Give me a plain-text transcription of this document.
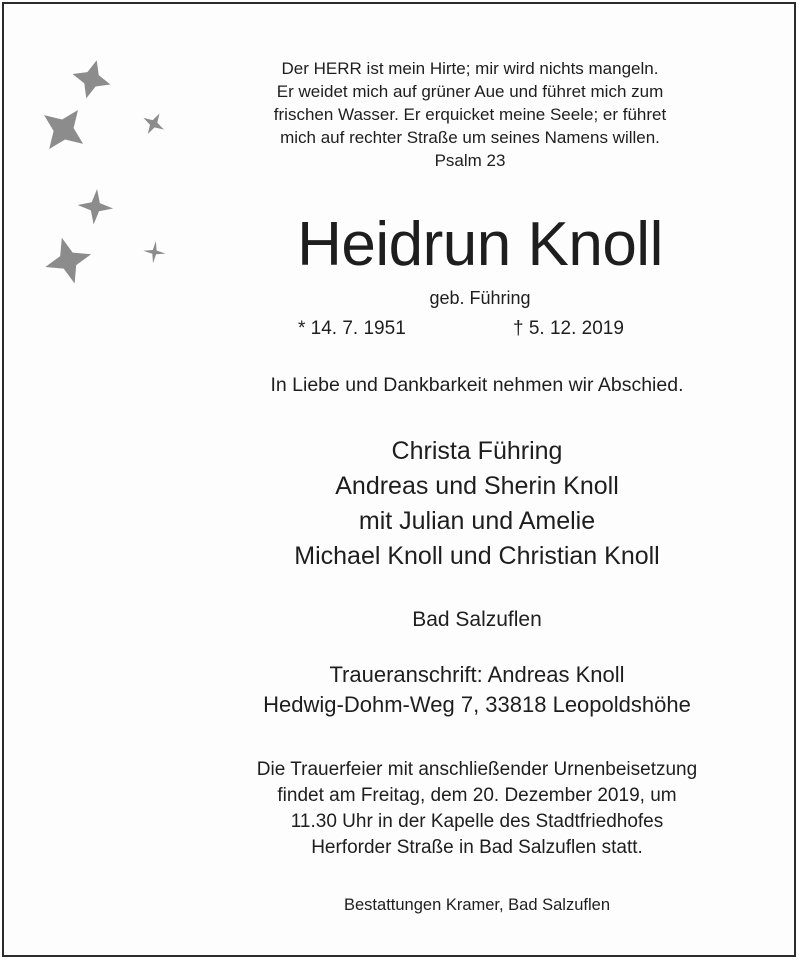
Der HERR ist mein Hirte; mir wird nichts mangeln.
Er weidet mich auf grüner Aue und führet mich zum
frischen Wasser. Er erquicket meine Seele; er führet
mich auf rechter Straße um seines Namens willen.
Psalm 23
Heidrun Knoll
geb. Führing
* 14. 7. 1951	† 5. 12. 2019
In Liebe und Dankbarkeit nehmen wir Abschied.
Christa Führing
Andreas und Sherin Knoll
mit Julian und Amelie
Michael Knoll und Christian Knoll
Bad Salzuflen
Traueranschrift: Andreas Knoll
Hedwig-Dohm-Weg 7, 33818 Leopoldshöhe
Die Trauerfeier mit anschließender Urnenbeisetzung
findet am Freitag, dem 20. Dezember 2019, um
11.30 Uhr in der Kapelle des Stadtfriedhofes
Herforder Straße in Bad Salzuflen statt.
Bestattungen Kramer, Bad Salzuflen
